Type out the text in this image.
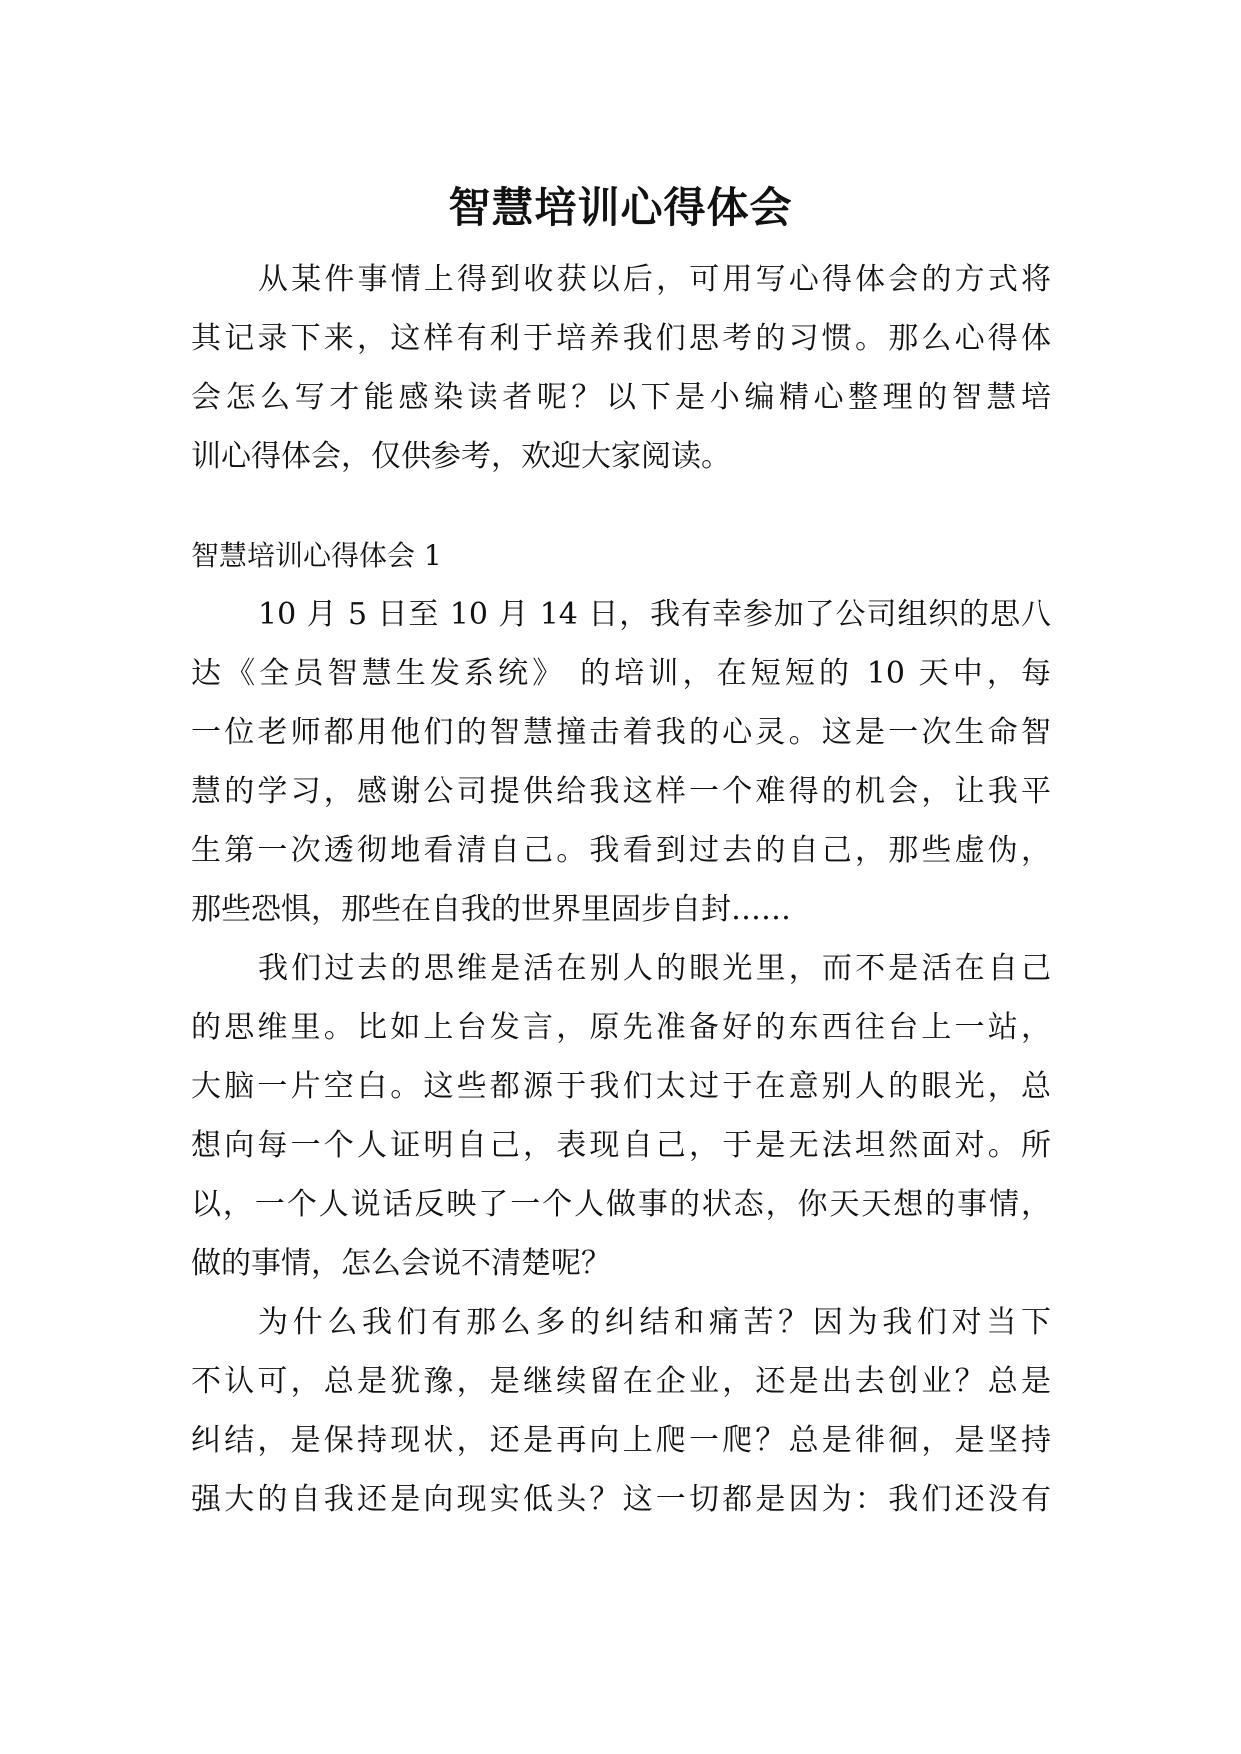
智慧培训心得体会
从某件事情上得到收获以后，可用写心得体会的方式将
其记录下来，这样有利于培养我们思考的习惯。那么心得体
会怎么写才能感染读者呢？以下是小编精心整理的智慧培
训心得体会，仅供参考，欢迎大家阅读。
智慧培训心得体会 1
10 月 5 日至 10 月 14 日，我有幸参加了公司组织的思八
达《全员智慧生发系统》 的培训，在短短的 10 天中，每
一位老师都用他们的智慧撞击着我的心灵。这是一次生命智
慧的学习，感谢公司提供给我这样一个难得的机会，让我平
生第一次透彻地看清自己。我看到过去的自己，那些虚伪，
那些恐惧，那些在自我的世界里固步自封……
我们过去的思维是活在别人的眼光里，而不是活在自己
的思维里。比如上台发言，原先准备好的东西往台上一站，
大脑一片空白。这些都源于我们太过于在意别人的眼光，总
想向每一个人证明自己，表现自己，于是无法坦然面对。所
以，一个人说话反映了一个人做事的状态，你天天想的事情，
做的事情，怎么会说不清楚呢？
为什么我们有那么多的纠结和痛苦？因为我们对当下
不认可，总是犹豫，是继续留在企业，还是出去创业？总是
纠结，是保持现状，还是再向上爬一爬？总是徘徊，是坚持
强大的自我还是向现实低头？这一切都是因为：我们还没有
